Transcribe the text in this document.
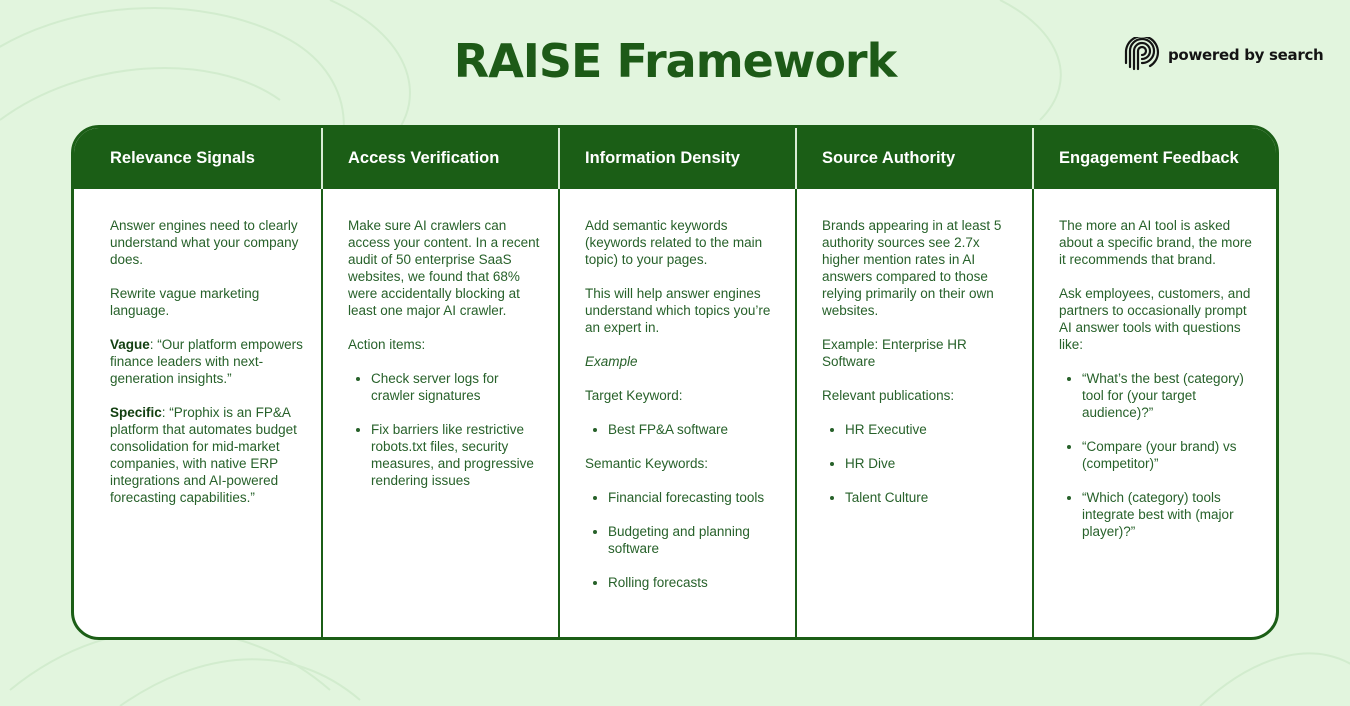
RAISE Framework	powered by search
Relevance Signals

Answer engines need to clearly understand what your company does.

Rewrite vague marketing language.

Vague: “Our platform empowers finance leaders with next-generation insights.”

Specific: “Prophix is an FP&A platform that automates budget consolidation for mid-market companies, with native ERP integrations and AI-powered forecasting capabilities.”

Access Verification

Make sure AI crawlers can access your content. In a recent audit of 50 enterprise SaaS websites, we found that 68% were accidentally blocking at least one major AI crawler.

Action items:

• Check server logs for crawler signatures
• Fix barriers like restrictive robots.txt files, security measures, and progressive rendering issues
Information Density

Add semantic keywords (keywords related to the main topic) to your pages.

This will help answer engines understand which topics you’re an expert in.

Example

Target Keyword:

• Best FP&A software

Semantic Keywords:

• Financial forecasting tools
• Budgeting and planning software
• Rolling forecasts
Source Authority

Brands appearing in at least 5 authority sources see 2.7x higher mention rates in AI answers compared to those relying primarily on their own websites.

Example: Enterprise HR Software

Relevant publications:

• HR Executive
• HR Dive
• Talent Culture
Engagement Feedback

The more an AI tool is asked about a specific brand, the more it recommends that brand.

Ask employees, customers, and partners to occasionally prompt AI answer tools with questions like:

• “What’s the best (category) tool for (your target audience)?”
• “Compare (your brand) vs (competitor)”
• “Which (category) tools integrate best with (major player)?”
